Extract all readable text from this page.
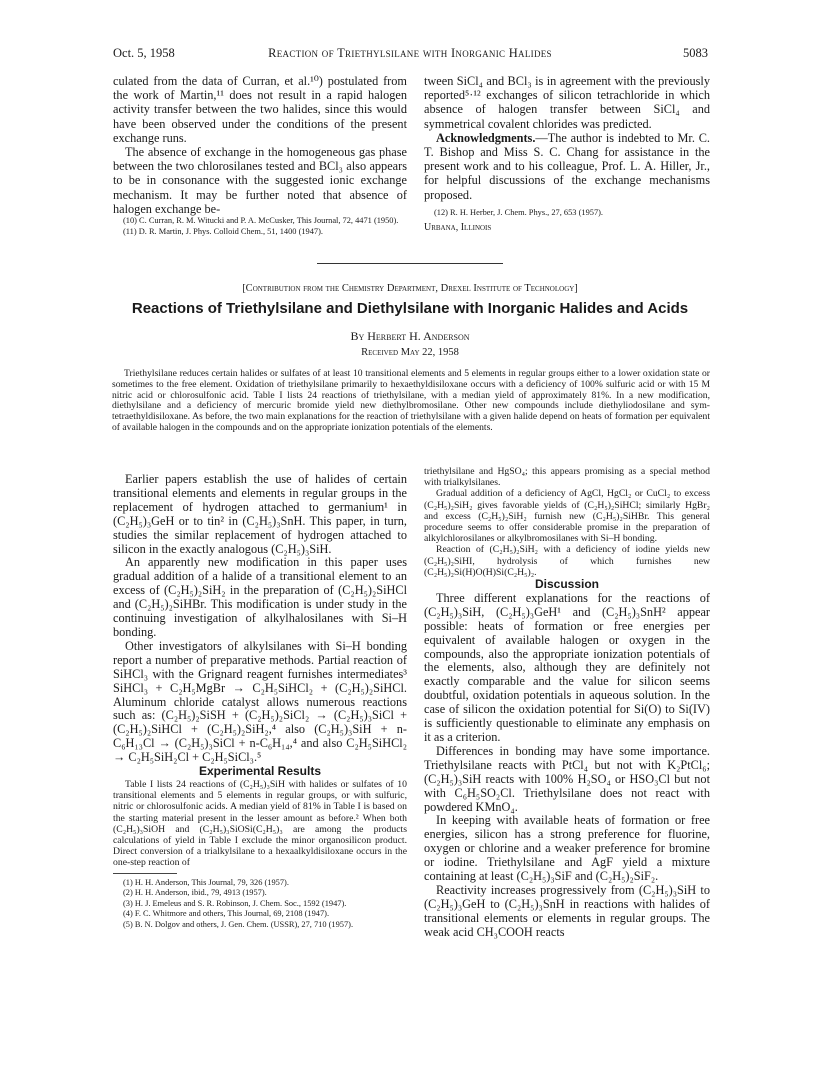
Oct. 5, 1958	Reaction of Triethylsilane with Inorganic Halides	5083

culated from the data of Curran, et al.¹⁰) postulated from the work of Martin,¹¹ does not result in a rapid halogen activity transfer between the two halides, since this would have been observed under the conditions of the present exchange runs.

The absence of exchange in the homogeneous gas phase between the two chlorosilanes tested and BCl₃ also appears to be in consonance with the suggested ionic exchange mechanism. It may be further noted that absence of halogen exchange be-

(10) C. Curran, R. M. Witucki and P. A. McCusker, This Journal, 72, 4471 (1950).

(11) D. R. Martin, J. Phys. Colloid Chem., 51, 1400 (1947).

tween SiCl₄ and BCl₃ is in agreement with the previously reported⁵·¹² exchanges of silicon tetrachloride in which absence of halogen transfer between SiCl₄ and symmetrical covalent chlorides was predicted.

Acknowledgments.—The author is indebted to Mr. C. T. Bishop and Miss S. C. Chang for assistance in the present work and to his colleague, Prof. L. A. Hiller, Jr., for helpful discussions of the exchange mechanisms proposed.

(12) R. H. Herber, J. Chem. Phys., 27, 653 (1957).

Urbana, Illinois

[Contribution from the Chemistry Department, Drexel Institute of Technology]
Reactions of Triethylsilane and Diethylsilane with Inorganic Halides and Acids
By Herbert H. Anderson
Received May 22, 1958
Triethylsilane reduces certain halides or sulfates of at least 10 transitional elements and 5 elements in regular groups either to a lower oxidation state or sometimes to the free element. Oxidation of triethylsilane primarily to hexaethyldisiloxane occurs with a deficiency of 100% sulfuric acid or with 15 M nitric acid or chlorosulfonic acid. Table I lists 24 reactions of triethylsilane, with a median yield of approximately 81%. In a new modification, diethylsilane and a deficiency of mercuric bromide yield new diethylbromosilane. Other new compounds include diethyliodosilane and sym-tetraethyldisiloxane. As before, the two main explanations for the reaction of triethylsilane with a given halide depend on heats of formation per equivalent of available halogen in the compounds and on the appropriate ionization potentials of the elements.

Earlier papers establish the use of halides of certain transitional elements and elements in regular groups in the replacement of hydrogen attached to germanium¹ in (C₂H₅)₃GeH or to tin² in (C₂H₅)₃SnH. This paper, in turn, studies the similar replacement of hydrogen attached to silicon in the exactly analogous (C₂H₅)₃SiH.

An apparently new modification in this paper uses gradual addition of a halide of a transitional element to an excess of (C₂H₅)₂SiH₂ in the preparation of (C₂H₅)₂SiHCl and (C₂H₅)₂SiHBr. This modification is under study in the continuing investigation of alkylhalosilanes with Si–H bonding.

Other investigators of alkylsilanes with Si–H bonding report a number of preparative methods. Partial reaction of SiHCl₃ with the Grignard reagent furnishes intermediates³ SiHCl₃ + C₂H₅MgBr → C₂H₅SiHCl₂ + (C₂H₅)₂SiHCl. Aluminum chloride catalyst allows numerous reactions such as: (C₂H₅)₂SiSH + (C₂H₅)₂SiCl₂ → (C₂H₅)₃SiCl + (C₂H₅)₂SiHCl + (C₂H₅)₂SiH₂,⁴ also (C₂H₅)₃SiH + n-C₆H₁₃Cl → (C₂H₅)₃SiCl + n-C₆H₁₄,⁴ and also C₂H₅SiHCl₂ → C₂H₅SiH₂Cl + C₂H₅SiCl₃.⁵

Experimental Results

Table I lists 24 reactions of (C₂H₅)₃SiH with halides or sulfates of 10 transitional elements and 5 elements in regular groups, or with sulfuric, nitric or chlorosulfonic acids. A median yield of 81% in Table I is based on the starting material present in the lesser amount as before.² When both (C₂H₅)₃SiOH and (C₂H₅)₃SiOSi(C₂H₅)₃ are among the products calculations of yield in Table I exclude the minor organosilicon product. Direct conversion of a trialkylsilane to a hexaalkyldisiloxane occurs in the one-step reaction of

(1) H. H. Anderson, This Journal, 79, 326 (1957).

(2) H. H. Anderson, ibid., 79, 4913 (1957).

(3) H. J. Emeleus and S. R. Robinson, J. Chem. Soc., 1592 (1947).

(4) F. C. Whitmore and others, This Journal, 69, 2108 (1947).

(5) B. N. Dolgov and others, J. Gen. Chem. (USSR), 27, 710 (1957).

triethylsilane and HgSO₄; this appears promising as a special method with trialkylsilanes.

Gradual addition of a deficiency of AgCl, HgCl₂ or CuCl₂ to excess (C₂H₅)₂SiH₂ gives favorable yields of (C₂H₅)₂SiHCl; similarly HgBr₂ and excess (C₂H₅)₂SiH₂ furnish new (C₂H₅)₂SiHBr. This general procedure seems to offer considerable promise in the preparation of alkylchlorosilanes or alkylbromosilanes with Si–H bonding.

Reaction of (C₂H₅)₂SiH₂ with a deficiency of iodine yields new (C₂H₅)₂SiHI, hydrolysis of which furnishes new (C₂H₅)₂Si(H)O(H)Si(C₂H₅)₂.

Discussion

Three different explanations for the reactions of (C₂H₅)₃SiH, (C₂H₅)₃GeH¹ and (C₂H₅)₃SnH² appear possible: heats of formation or free energies per equivalent of available halogen or oxygen in the compounds, also the appropriate ionization potentials of the elements, also, although they are definitely not exactly comparable and the value for silicon seems doubtful, oxidation potentials in aqueous solution. In the case of silicon the oxidation potential for Si(O) to Si(IV) is sufficiently questionable to eliminate any emphasis on it as a criterion.

Differences in bonding may have some importance. Triethylsilane reacts with PtCl₄ but not with K₂PtCl₆; (C₂H₅)₃SiH reacts with 100% H₂SO₄ or HSO₃Cl but not with C₆H₅SO₂Cl. Triethylsilane does not react with powdered KMnO₄.

In keeping with available heats of formation or free energies, silicon has a strong preference for fluorine, oxygen or chlorine and a weaker preference for bromine or iodine. Triethylsilane and AgF yield a mixture containing at least (C₂H₅)₃SiF and (C₂H₅)₂SiF₂.

Reactivity increases progressively from (C₂H₅)₃SiH to (C₂H₅)₃GeH to (C₂H₅)₃SnH in reactions with halides of transitional elements or elements in regular groups. The weak acid CH₃COOH reacts
